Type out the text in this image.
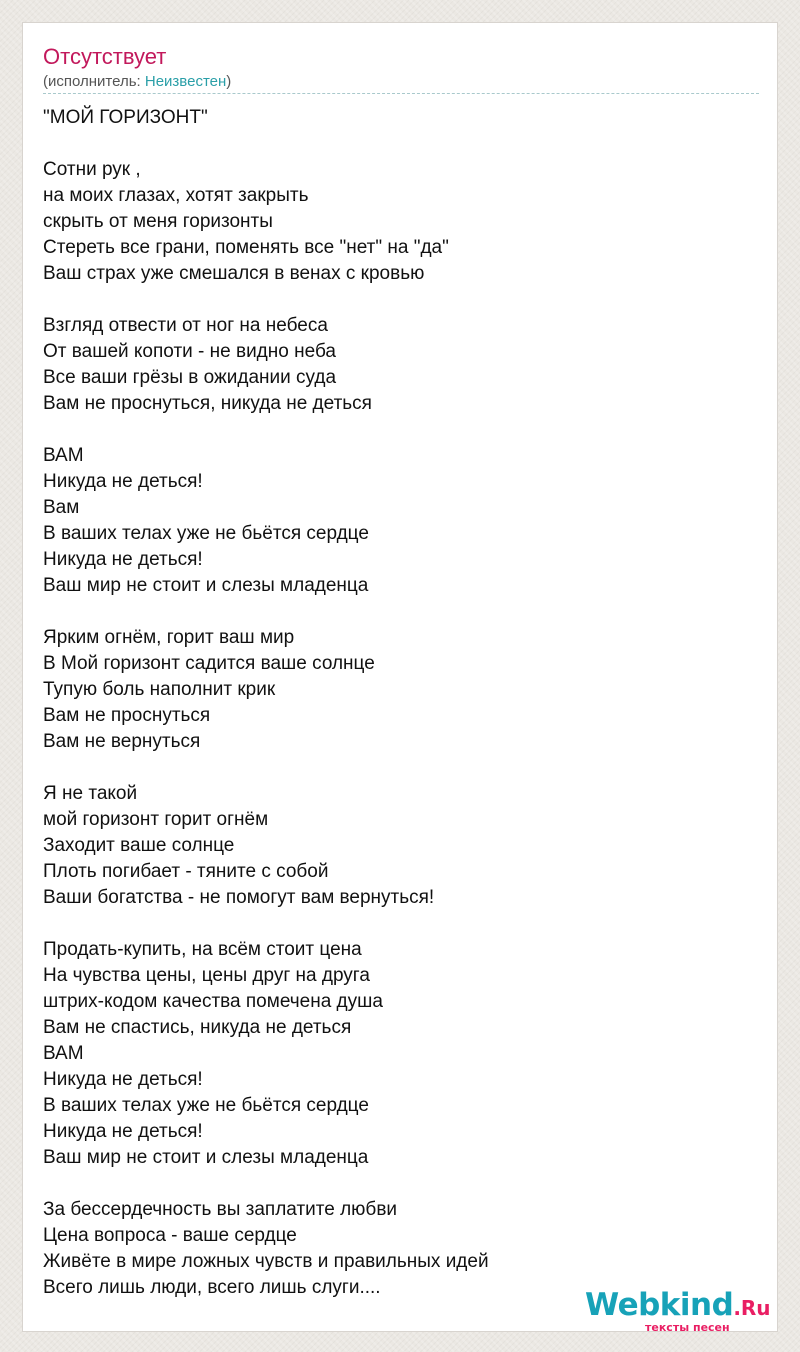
Отсутствует
(исполнитель: Неизвестен)
"МОЙ ГОРИЗОНТ"
Сотни рук ,
на моих глазах, хотят закрыть
скрыть от меня горизонты
Стереть все грани, поменять все "нет" на "да"
Ваш страх уже смешался в венах с кровью
Взгляд отвести от ног на небеса
От вашей копоти - не видно неба
Все ваши грёзы в ожидании суда
Вам не проснуться, никуда не деться
ВАМ
Никуда не деться!
Вам
В ваших телах уже не бьётся сердце
Никуда не деться!
Ваш мир не стоит и слезы младенца
Ярким огнём, горит ваш мир
В Мой горизонт садится ваше солнце
Тупую боль наполнит крик
Вам не проснуться
Вам не вернуться
Я не такой
мой горизонт горит огнём
Заходит ваше солнце
Плоть погибает - тяните с собой
Ваши богатства - не помогут вам вернуться!
Продать-купить, на всём стоит цена
На чувства цены, цены друг на друга
штрих-кодом качества помечена душа
Вам не спастись, никуда не деться
ВАМ
Никуда не деться!
В ваших телах уже не бьётся сердце
Никуда не деться!
Ваш мир не стоит и слезы младенца
За бессердечность вы заплатите любви
Цена вопроса - ваше сердце
Живёте в мире ложных чувств и правильных идей
Всего лишь люди, всего лишь слуги....	Webkind.Ru
тексты песен
